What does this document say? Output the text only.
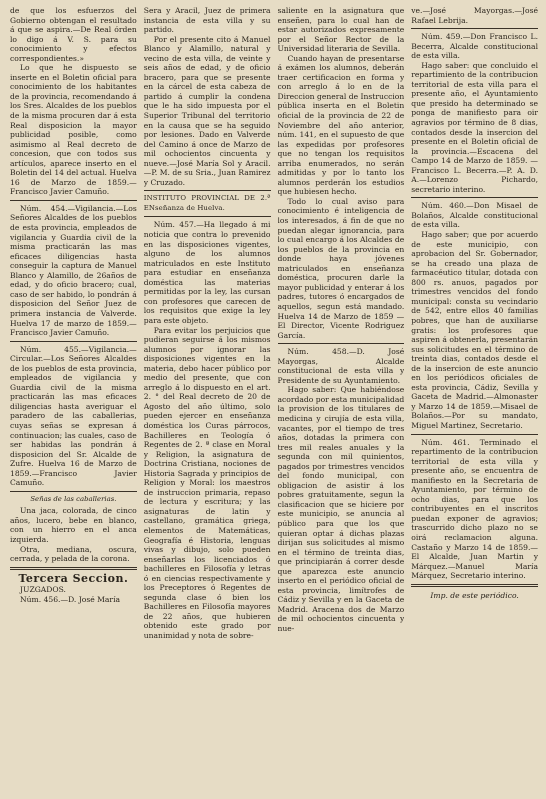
de que los esfuerzos del Gobierno obtengan el resultado á que se aspira.—De Real órden lo digo á V. S. para su conocimiento y efectos correspondientes.»

Lo que he dispuesto se inserte en el Boletin oficial para conocimiento de los habitantes de la provincia, recomendando á los Sres. Alcaldes de los pueblos de la misma procuren dar á esta Real disposicion la mayor publicidad posible, como asimismo al Real decreto de concesion, que con todos sus artículos, aparece inserto en el Boletin del 14 del actual. Huelva 16 de Marzo de 1859.—Francisco Javier Camuño.

Núm. 454.—Vigilancia.—Los Señores Alcaldes de los pueblos de esta provincia, empleados de vigilancia y Guardia civil de la misma practicarán las mas eficaces diligencias hasta conseguir la captura de Manuel Blanco y Alamillo, de 26años de edad, y do oficio bracero; cual, caso de ser habido, lo pondrán á disposicion del Señor Juez de primera instancia de Valverde. Huelva 17 de marzo de 1859.—Francisco Javier Camuño.

Núm. 455.—Vigilancia.—Circular.—Los Señores Alcaldes de los pueblos de esta provincia, empleados de vigilancia y Guardia civil de la misma practicarán las mas eficaces diligencias hasta averiguar el paradero de las caballerias, cuyas señas se expresan á continuacion; las cuales, caso de ser habidas las pondrán á disposicion del Sr. Alcalde de Zufre. Huelva 16 de Marzo de 1859.—Francisco Javier Camuño.

Señas de las caballerias.

Una jaca, colorada, de cinco años, lucero, bebe en blanco, con un hierro en el anca izquierda.

Otra, mediana, oscura, cerrada, y pelada de la corona.

Tercera Seccion.

JUZGADOS.

Núm. 456.—D. José María

Sera y Aracil, Juez de primera instancia de esta villa y su partido.

Por el presente cito á Manuel Blanco y Alamillo, natural y vecino de esta villa, de veinte y seis años de edad, y de oficio bracero, para que se presente en la cárcel de esta cabeza de partido á cumplir la condena que le ha sido impuesta por el Superior Tribunal del territorio en la causa que se ha seguido por lesiones. Dado en Valverde del Camino á once de Marzo de mil ochocientos cincuenta y nueve.—José María Sol y Aracil.—P. M. de su Sria., Juan Ramirez y Cruzado.

INSTITUTO PROVINCIAL DE 2.ª ENseñanza de Huelva.

Núm. 457.—Ha llegado á mi noticia que contra lo prevenido en las disposiciones vigentes, alguno de los alumnos matriculados en este Instituto para estudiar en enseñanza doméstica las materias permitidas por la ley, las cursan con profesores que carecen de los requisitos que exige la ley para este objeto.

Para evitar los perjuicios que pudieran seguirse á los mismos alumnos por ignorar las disposiciones vigentes en la materia, debo hacer público por medio del presente, que con arreglo á lo dispuesto en el art. 2. ° del Real decreto de 20 de Agosto del año último, solo pueden ejercer en enseñanza doméstica los Curas párrocos, Bachilleres en Teología ó Regentes de 2. ª clase en Moral y Religion, la asignatura de Doctrina Cristiana, nociones de Historia Sagrada y principios de Religion y Moral: los maestros de instruccion primaria, repaso de lectura y escritura; y las asignaturas de latin y castellano, gramática griega, elementos de Matemáticas, Geografía é Historia, lenguas vivas y dibujo, solo pueden enseñarlas los licenciados ó bachilleres en Filosofía y letras ó en ciencias respectivamente y los Preceptores ó Regentes de segunda clase ó bien los Bachilleres en Filosofía mayores de 22 años, que hubieren obtenido este grado por unanimidad y nota de sobre-

saliente en la asignatura que enseñen, para lo cual han de estar autorizados expresamente por el Señor Rector de la Universidad literaria de Sevilla.

Cuando hayan de presentarse á exámen los alumnos, deberán traer certificacion en forma y con arreglo á lo en de la Direccion general de Instruccion pública inserta en el Boletin oficial de la provincia de 22 de Noviembre del año anterior, núm. 141, en el supuesto de que las expedidas por profesores que no tengan los requisitos arriba enumerados, no serán admitidas y por lo tanto los alumnos perderán los estudios que hubiesen hecho.

Todo lo cual aviso para conocimiento é inteligencia de los interesados, á fin de que no puedan alegar ignorancia, para lo cual encargo á los Alcaldes de los pueblos de la provincia en donde haya jóvenes matriculados en enseñanza doméstica, procuren darle la mayor publicidad y enterar á los padres, tutores ó encargados de aquellos, segun está mandado. Huelva 14 de Marzo de 1859 —El Director, Vicente Rodriguez García.

Núm. 458.—D. José Mayorgas, Alcalde constitucional de esta villa y Presidente de su Ayuntamiento.

Hago saber: Que habiéndose acordado por esta municipalidad la provision de los titulares de medicina y cirujía de esta villa, vacantes, por el tiempo de tres años, dotadas la primera con tres mil reales anuales y la segunda con mil quinientos, pagados por trimestres vencidos del fondo municipal, con obligacion de asistir á los pobres gratuitamente, segun la clasificacion que se hiciere por este municipio, se anuncia al público para que los que quieran optar á dichas plazas dirijan sus solicitudes al mismo en el término de treinta dias, que principiarán á correr desde que aparezca este anuncio inserto en el periódico oficial de esta provincia, limítrofes de Cádiz y Sevilla y en la Gaceta de Madrid. Aracena dos de Marzo de mil ochocientos cincuenta y nue-

ve.—José Mayorgas.—José Rafael Lebrija.

Núm. 459.—Don Francisco L. Becerra, Alcalde constitucional de esta villa.

Hago saber: que concluido el repartimiento de la contribucion territorial de esta villa para el presente año, el Ayuntamiento que presido ha determinado se ponga de manifiesto para oir agravios por término de 8 dias, contados desde la insercion del presente en el Boletin oficial de la provincia.—Escacena del Campo 14 de Marzo de 1859. —Francisco L. Becerra.—P. A. D. A.—Lorenzo Pichardo, secretario interino.

Núm. 460.—Don Misael de Bolaños, Alcalde constitucional de esta villa.

Hago saber; que por acuerdo de este municipio, con aprobacion del Sr. Gobernador, se ha creado una plaza de farmacéutico titular, dotada con 800 rs. anuos, pagados por trimestres vencidos del fondo municipal: consta su vecindario de 542, entre ellos 40 familias pobres, que han de auxiliarse gratis: los profesores que aspiren á obtenerla, presentarán sus solicitudes en el término de treinta dias, contados desde el de la insercion de este anuncio en los periódicos oficiales de esta provincia, Cádiz, Sevilla y Gaceta de Madrid.—Almonaster y Marzo 14 de 1859.—Misael de Bolaños.—Por su mandato, Miguel Martinez, Secretario.

Núm. 461. Terminado el repartimento de la contribucion territorial de esta villa y presente año, se encuentra de manifiesto en la Secretaria de Ayuntamiento, por término de ocho dias, para que los contribuyentes en el inscritos puedan exponer de agravios; trascurrido dicho plazo no se oirá reclamacion alguna. Castaño y Marzo 14 de 1859.—El Alcalde, Juan Martin y Márquez.—Manuel María Márquez, Secretario interino.

Imp. de este periódico.
